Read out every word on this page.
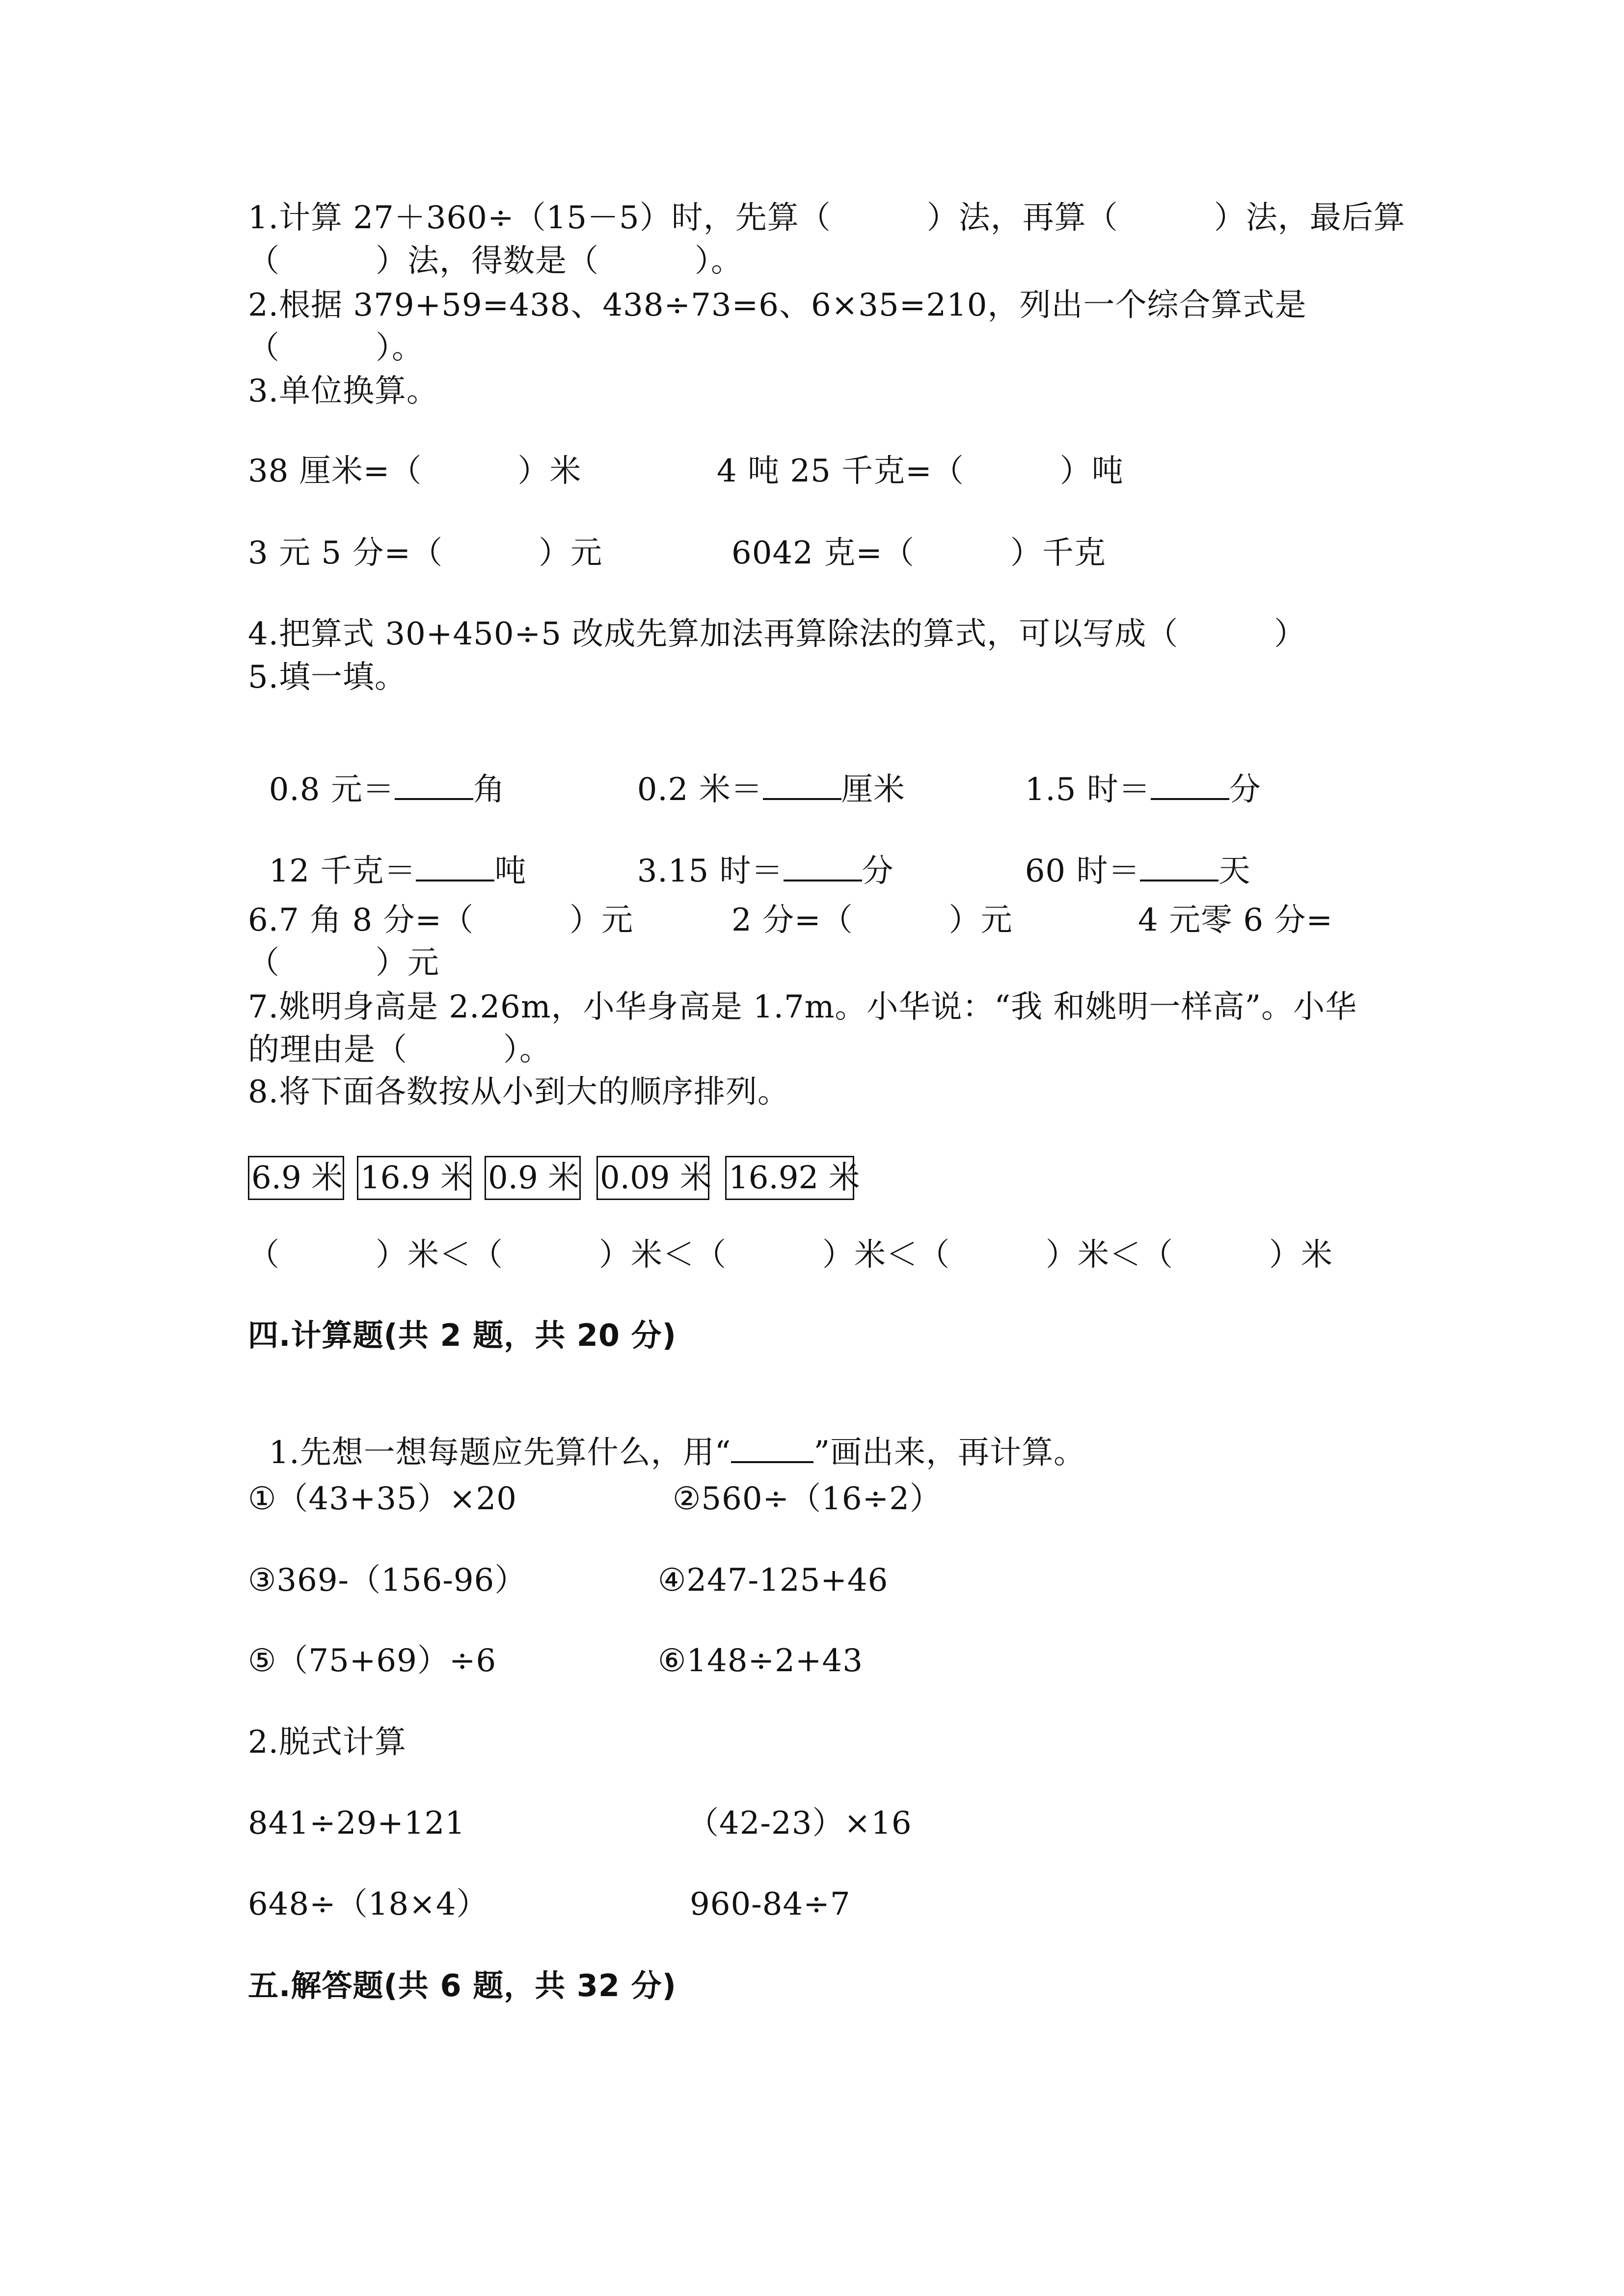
1.计算 27＋360÷（15－5）时，先算（　　　）法，再算（　　　）法，最后算
（　　　）法，得数是（　　　）。
2.根据 379+59=438、438÷73=6、6×35=210，列出一个综合算式是
（　　　）。
3.单位换算。
38 厘米=（　　　）米	4 吨 25 千克=（　　　）吨
3 元 5 分=（　　　）元	6042 克=（　　　）千克
4.把算式 30+450÷5 改成先算加法再算除法的算式，可以写成（　　　）
5.填一填。

0.8 元＝	角	0.2 米＝	厘米	1.5 时＝	分

12 千克＝	吨	3.15 时＝	分	60 时＝	天

6.7 角 8 分=（　　　）元	2 分=（　　　）元	4 元零 6 分=
（　　　）元
7.姚明身高是 2.26m，小华身高是 1.7m。小华说：“我 和姚明一样高”。小华
的理由是（　　　）。
8.将下面各数按从小到大的顺序排列。
6.9 米 16.9 米 0.9 米 0.09 米 16.92 米
（　　　）米＜（　　　）米＜（　　　）米＜（　　　）米＜（　　　）米
四.计算题(共 2 题，共 20 分)

1.先想一想每题应先算什么，用“	”画出来，再计算。

①（43+35）×20	②560÷（16÷2）
③369-（156-96）	④247-125+46
⑤（75+69）÷6	⑥148÷2+43
2.脱式计算
841÷29+121	（42-23）×16
648÷（18×4）	960-84÷7
五.解答题(共 6 题，共 32 分)
